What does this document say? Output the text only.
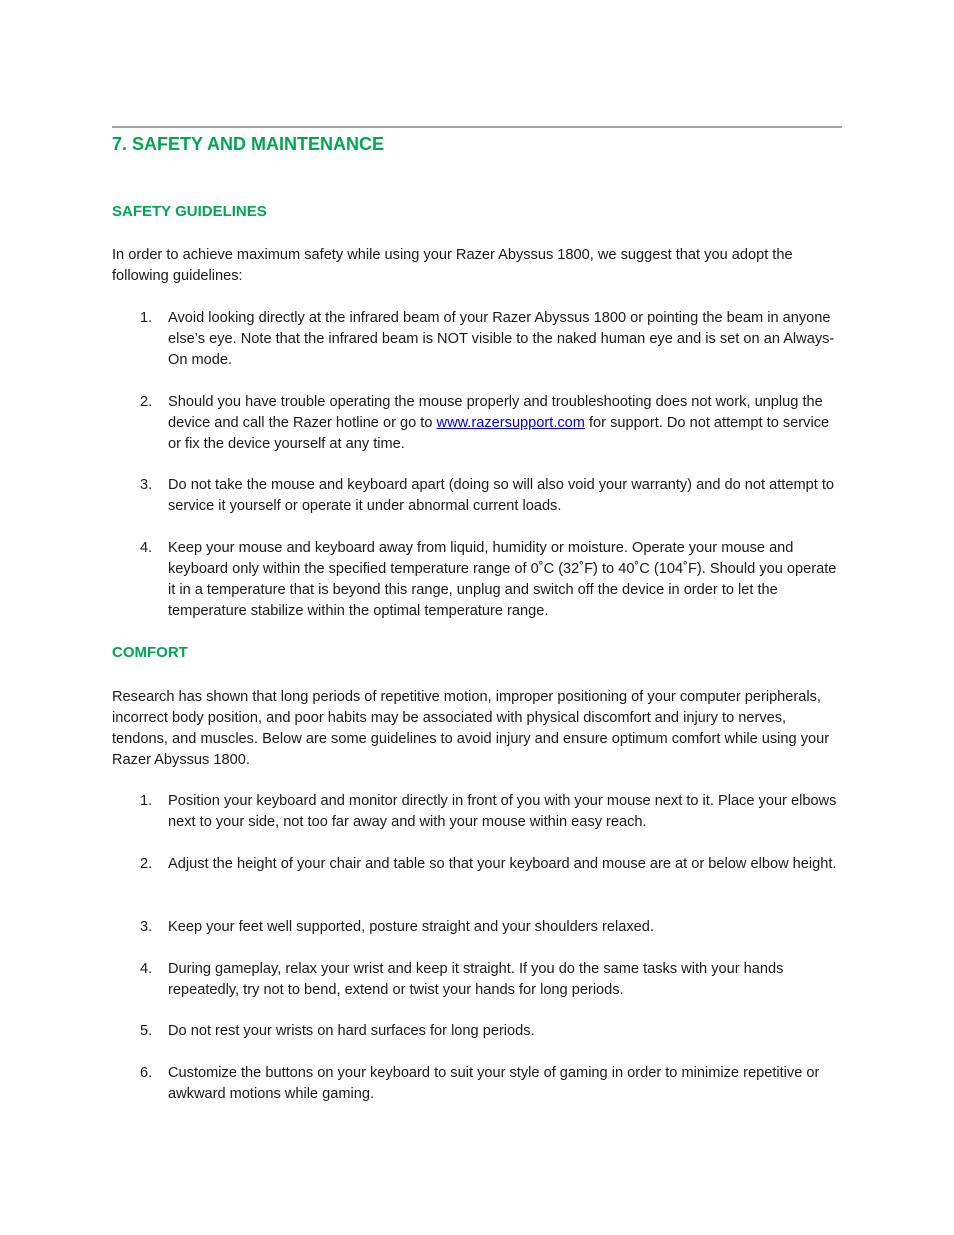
7. SAFETY AND MAINTENANCE
SAFETY GUIDELINES

In order to achieve maximum safety while using your Razer Abyssus 1800, we suggest that you adopt the following guidelines:

1.	Avoid looking directly at the infrared beam of your Razer Abyssus 1800 or pointing the beam in anyone else’s eye. Note that the infrared beam is NOT visible to the naked human eye and is set on an Always-On mode.
2.	Should you have trouble operating the mouse properly and troubleshooting does not work, unplug the device and call the Razer hotline or go to www.razersupport.com for support. Do not attempt to service or fix the device yourself at any time.
3.	Do not take the mouse and keyboard apart (doing so will also void your warranty) and do not attempt to service it yourself or operate it under abnormal current loads.
4.	Keep your mouse and keyboard away from liquid, humidity or moisture. Operate your mouse and keyboard only within the specified temperature range of 0˚C (32˚F) to 40˚C (104˚F). Should you operate it in a temperature that is beyond this range, unplug and switch off the device in order to let the temperature stabilize within the optimal temperature range.
COMFORT

Research has shown that long periods of repetitive motion, improper positioning of your computer peripherals, incorrect body position, and poor habits may be associated with physical discomfort and injury to nerves, tendons, and muscles. Below are some guidelines to avoid injury and ensure optimum comfort while using your Razer Abyssus 1800.

1.	Position your keyboard and monitor directly in front of you with your mouse next to it. Place your elbows next to your side, not too far away and with your mouse within easy reach.
2.	Adjust the height of your chair and table so that your keyboard and mouse are at or below elbow height.
3.	Keep your feet well supported, posture straight and your shoulders relaxed.
4.	During gameplay, relax your wrist and keep it straight. If you do the same tasks with your hands repeatedly, try not to bend, extend or twist your hands for long periods.
5.	Do not rest your wrists on hard surfaces for long periods.
6.	Customize the buttons on your keyboard to suit your style of gaming in order to minimize repetitive or awkward motions while gaming.
